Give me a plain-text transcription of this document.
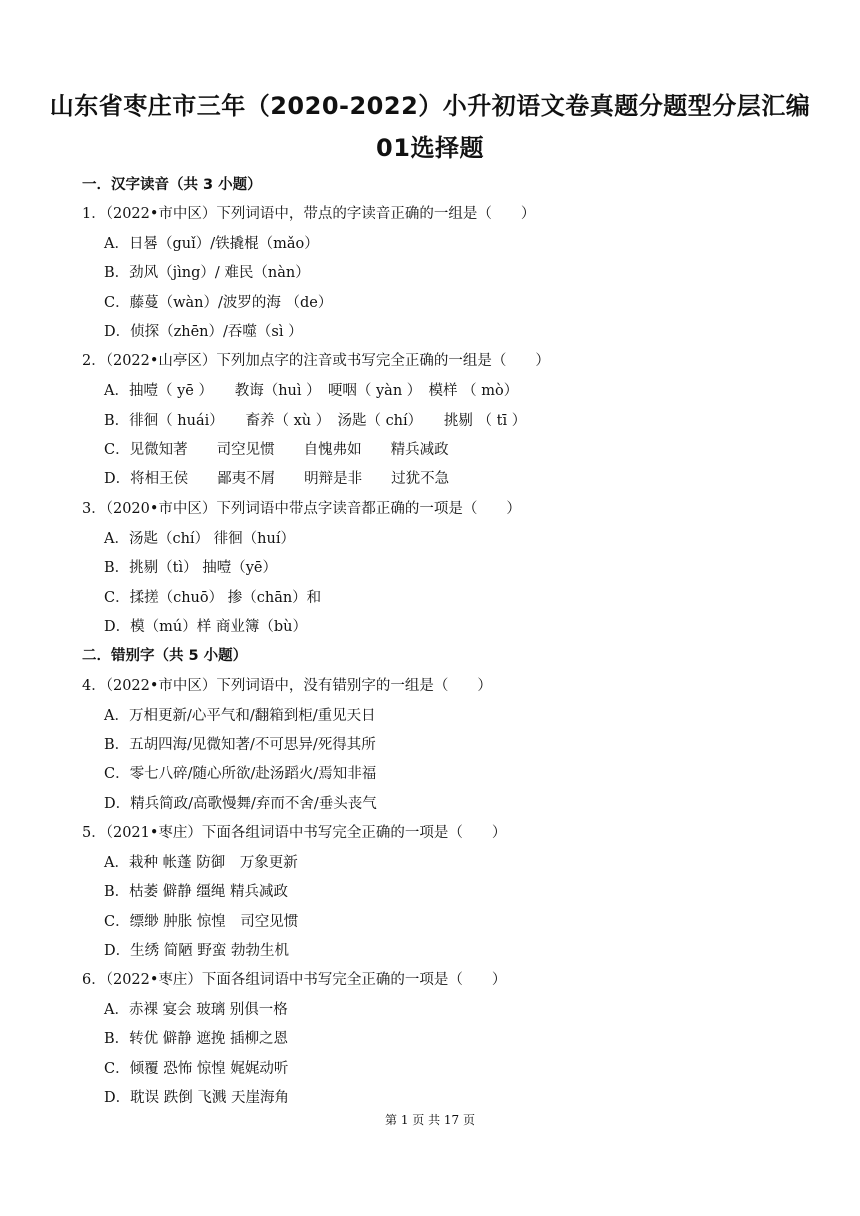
山东省枣庄市三年（2020-2022）小升初语文卷真题分题型分层汇编
01选择题
一．汉字读音（共 3 小题）
1．（2022•市中区）下列词语中，带点的字读音正确的一组是（　　）
A．日晷（guǐ）/铁撬棍（mǎo）
B．劲风（jìng）/ 难民（nàn）
C．藤蔓（wàn）/波罗的海 （de）
D．侦探（zhēn）/吞噬（sì ）
2．（2022•山亭区）下列加点字的注音或书写完全正确的一组是（　　）
A．抽噎（ yē ）　　教诲（huì ）　哽咽（ yàn ）　模样 （ mò）
B．徘徊（ huái）　　畜养（ xù ）　汤匙（ chí）　　挑剔 （ tī ）
C．见微知著　　司空见惯　　自愧弗如　　精兵减政
D．将相王侯　　鄙夷不屑　　明辩是非　　过犹不急
3．（2020•市中区）下列词语中带点字读音都正确的一项是（　　）
A．汤匙（chí） 徘徊（huí）
B．挑剔（tì） 抽噎（yē）
C．揉搓（chuō） 掺（chān）和
D．模（mú）样 商业簿（bù）
二．错别字（共 5 小题）
4．（2022•市中区）下列词语中，没有错别字的一组是（　　）
A．万相更新/心平气和/翻箱到柜/重见天日
B．五胡四海/见微知著/不可思异/死得其所
C．零七八碎/随心所欲/赴汤蹈火/焉知非福
D．精兵简政/高歌慢舞/弃而不舍/垂头丧气
5．（2021•枣庄）下面各组词语中书写完全正确的一项是（　　）
A．栽种 帐蓬 防御　万象更新
B．枯萎 僻静 缰绳 精兵减政
C．缥缈 肿胀 惊惶　司空见惯
D．生绣 简陋 野蛮 勃勃生机
6．（2022•枣庄）下面各组词语中书写完全正确的一项是（　　）
A．赤裸 宴会 玻璃 别俱一格
B．转优 僻静 遮挽 插柳之恩
C．倾覆 恐怖 惊惶 娓娓动听
D．耽误 跌倒 飞溅 天崖海角
第 1 页 共 17 页
